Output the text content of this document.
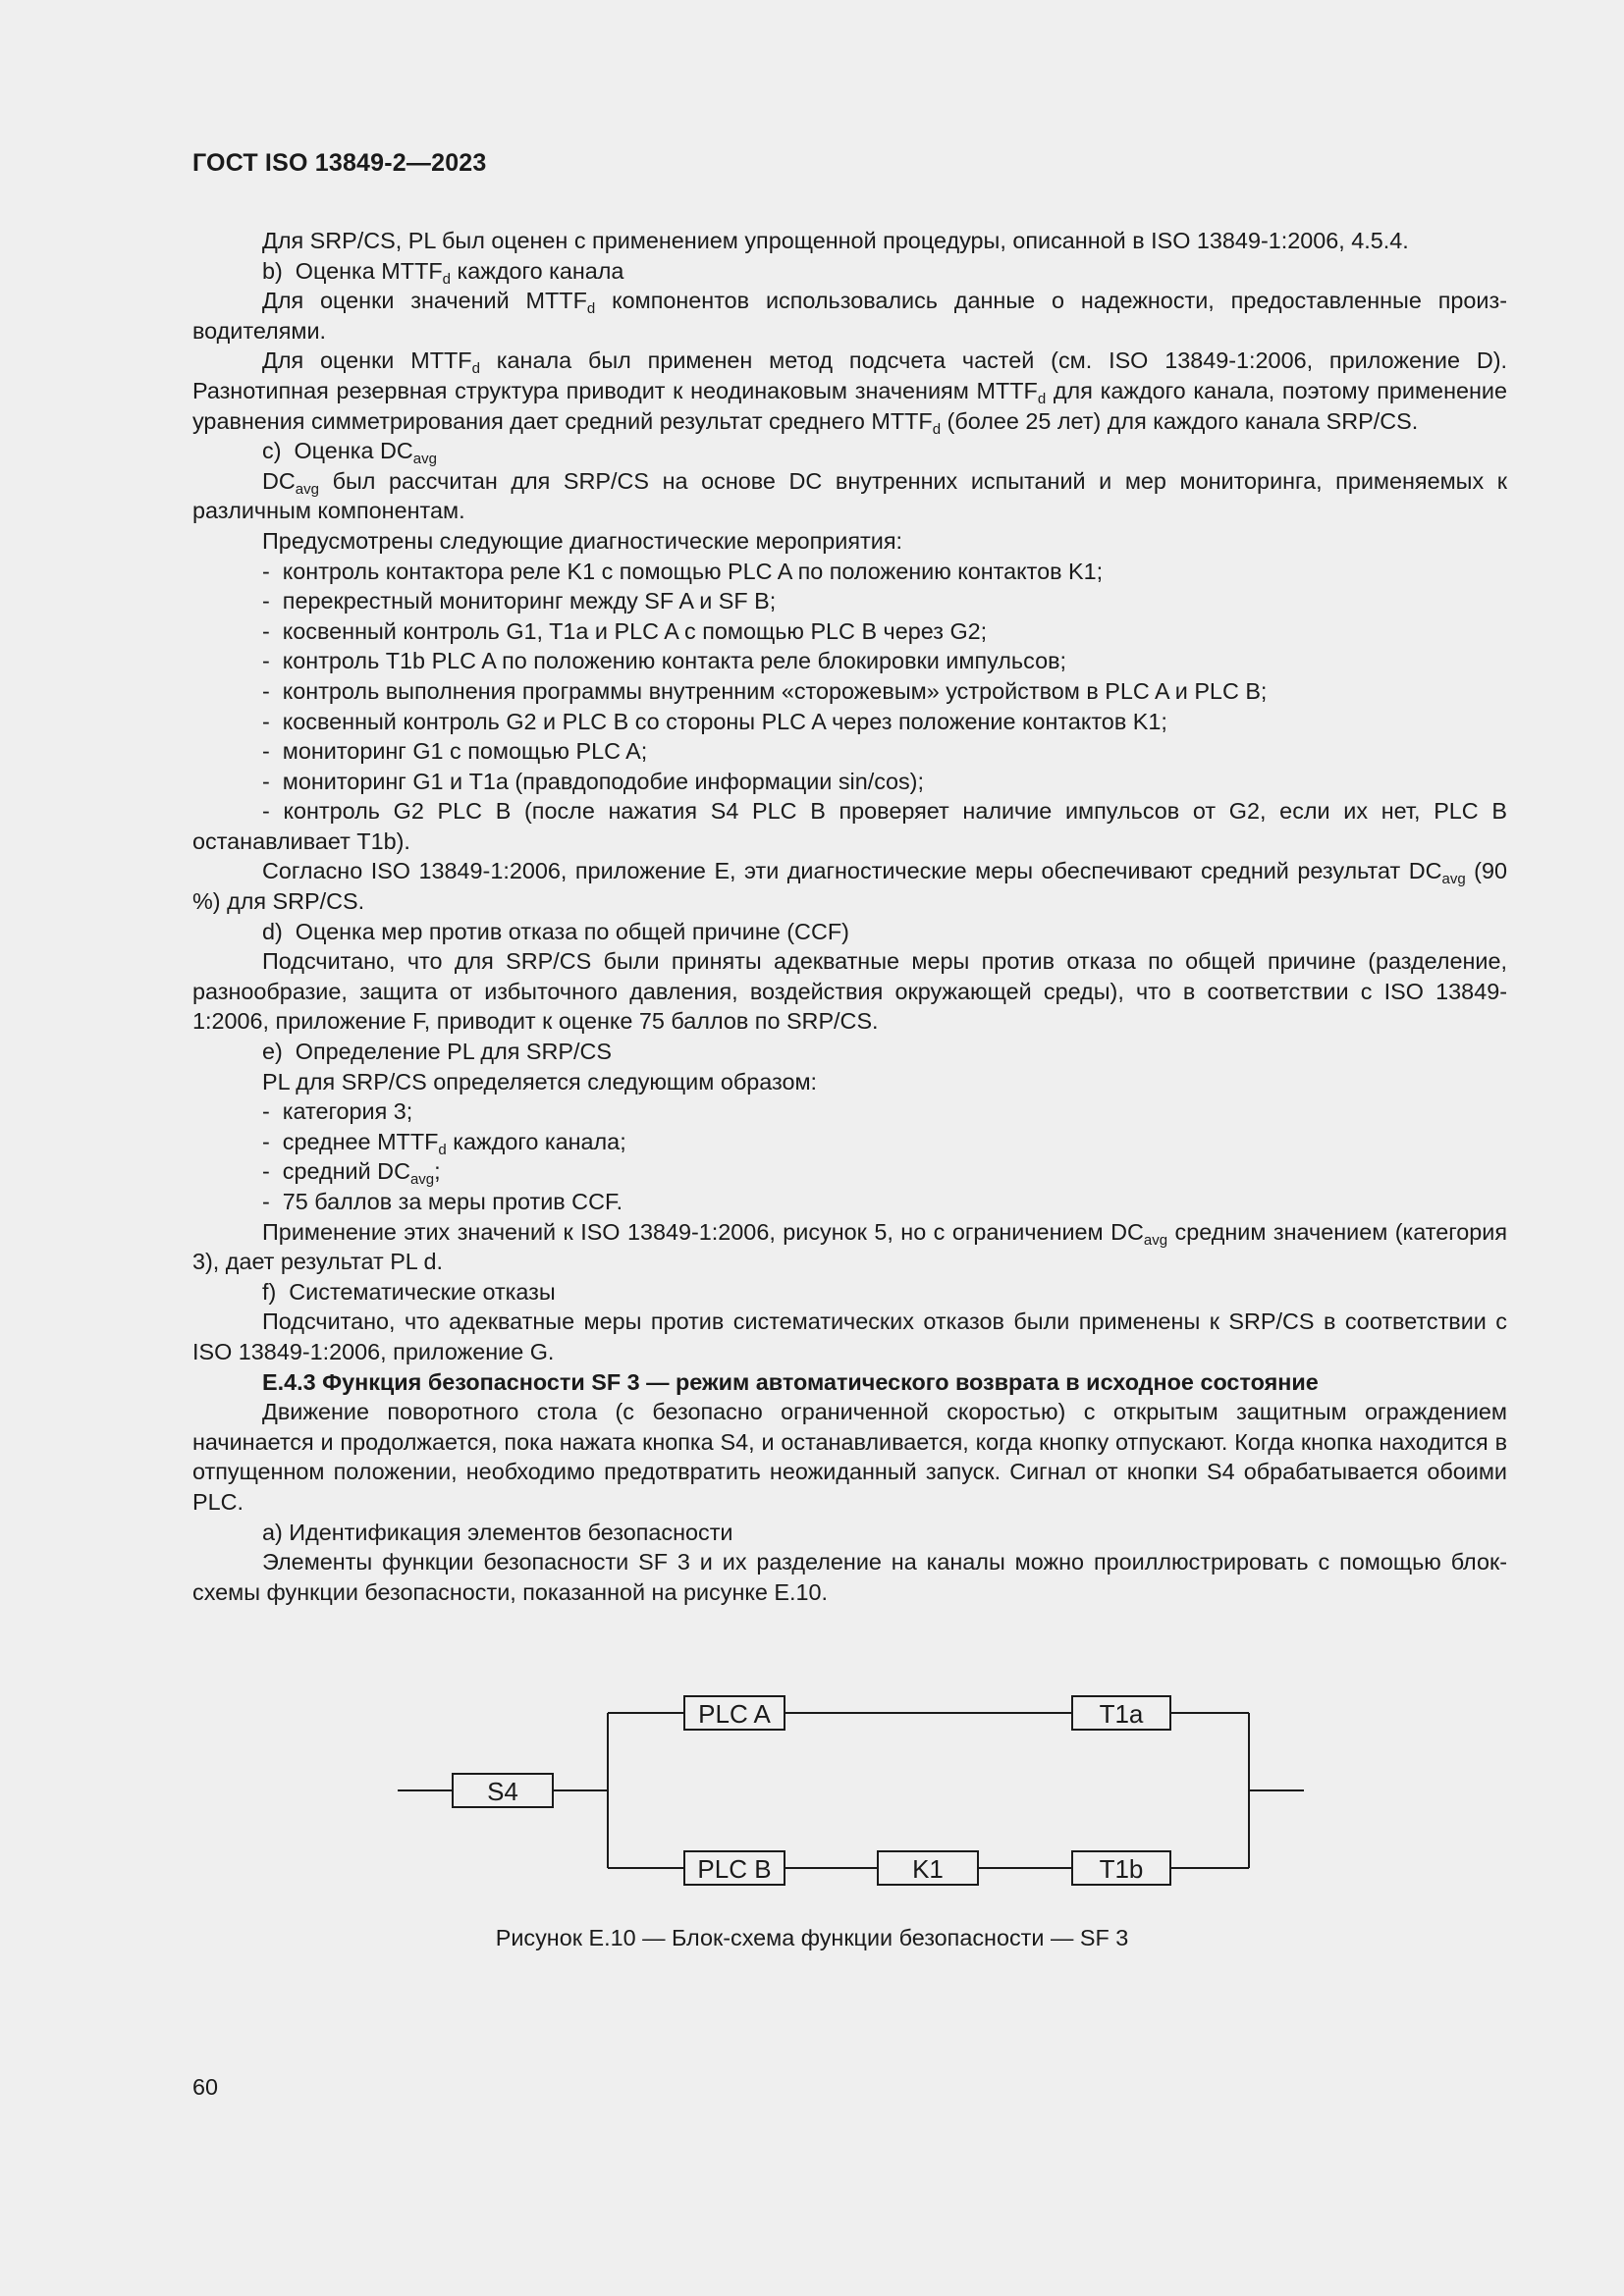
ГОСТ ISO 13849-2—2023

Для SRP/CS, PL был оценен с применением упрощенной процедуры, описанной в ISO 13849-1:2006, 4.5.4.

b)  Оценка $MTTF_d$ каждого канала

Для оценки значений $MTTF_d$ компонентов использовались данные о надежности, предоставленные производителями.

Для оценки $MTTF_d$ канала был применен метод подсчета частей (см. ISO 13849-1:2006, приложение D). Разнотипная резервная структура приводит к неодинаковым значениям $MTTF_d$ для каждого канала, поэтому применение уравнения симметрирования дает средний результат среднего $MTTF_d$ (более 25 лет) для каждого канала SRP/CS.

c)  Оценка $DC_{avg}$

$DC_{avg}$ был рассчитан для SRP/CS на основе DC внутренних испытаний и мер мониторинга, применяемых к различным компонентам.

Предусмотрены следующие диагностические мероприятия:

-  контроль контактора реле K1 с помощью PLC A по положению контактов K1;

-  перекрестный мониторинг между SF A и SF B;

-  косвенный контроль G1, T1a и PLC A с помощью PLC B через G2;

-  контроль T1b PLC A по положению контакта реле блокировки импульсов;

-  контроль выполнения программы внутренним «сторожевым» устройством в PLC A и PLC B;

-  косвенный контроль G2 и PLC B со стороны PLC A через положение контактов K1;

-  мониторинг G1 с помощью PLC A;

-  мониторинг G1 и T1a (правдоподобие информации sin/cos);

- контроль G2 PLC B (после нажатия S4 PLC B проверяет наличие импульсов от G2, если их нет, PLC B останавливает T1b).

Согласно ISO 13849-1:2006, приложение E, эти диагностические меры обеспечивают средний результат $DC_{avg}$ (90 %) для SRP/CS.

d)  Оценка мер против отказа по общей причине (CCF)

Подсчитано, что для SRP/CS были приняты адекватные меры против отказа по общей причине (разделение, разнообразие, защита от избыточного давления, воздействия окружающей среды), что в соответствии с ISO 13849-1:2006, приложение F, приводит к оценке 75 баллов по SRP/CS.

e)  Определение PL для SRP/CS

PL для SRP/CS определяется следующим образом:

-  категория 3;

-  среднее $MTTF_d$ каждого канала;

-  средний $DC_{avg}$;

-  75 баллов за меры против CCF.

Применение этих значений к ISO 13849-1:2006, рисунок 5, но с ограничением $DC_{avg}$ средним значением (категория 3), дает результат PL d.

f)  Систематические отказы

Подсчитано, что адекватные меры против систематических отказов были применены к SRP/CS в соответствии с ISO 13849-1:2006, приложение G.

E.4.3 Функция безопасности SF 3 — режим автоматического возврата в исходное состояние

Движение поворотного стола (с безопасно ограниченной скоростью) с открытым защитным ограждением начинается и продолжается, пока нажата кнопка S4, и останавливается, когда кнопку отпускают. Когда кнопка находится в отпущенном положении, необходимо предотвратить неожиданный запуск. Сигнал от кнопки S4 обрабатывается обоими PLC.

a) Идентификация элементов безопасности

Элементы функции безопасности SF 3 и их разделение на каналы можно проиллюстрировать с помощью блок-схемы функции безопасности, показанной на рисунке E.10.

S4
PLC A	T1a
PLC B	K1	T1b
Рисунок E.10 — Блок-схема функции безопасности — SF 3
60
